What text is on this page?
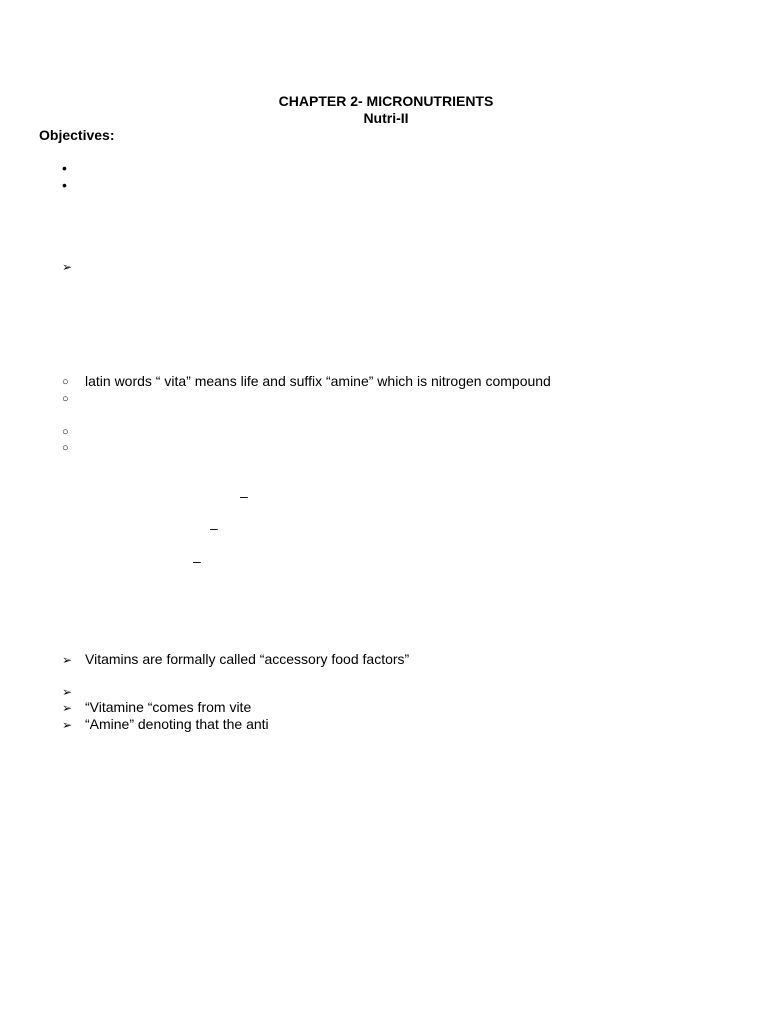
CHAPTER 2- MICRONUTRIENTS
Nutri-II
Objectives:
•
•
➢
○	latin words “ vita” means life and suffix “amine” which is nitrogen compound
○
○
○
–
–
–
➢ Vitamins are formally called “accessory food factors”
➢
➢ “Vitamine “comes from vite
➢ “Amine” denoting that the anti
